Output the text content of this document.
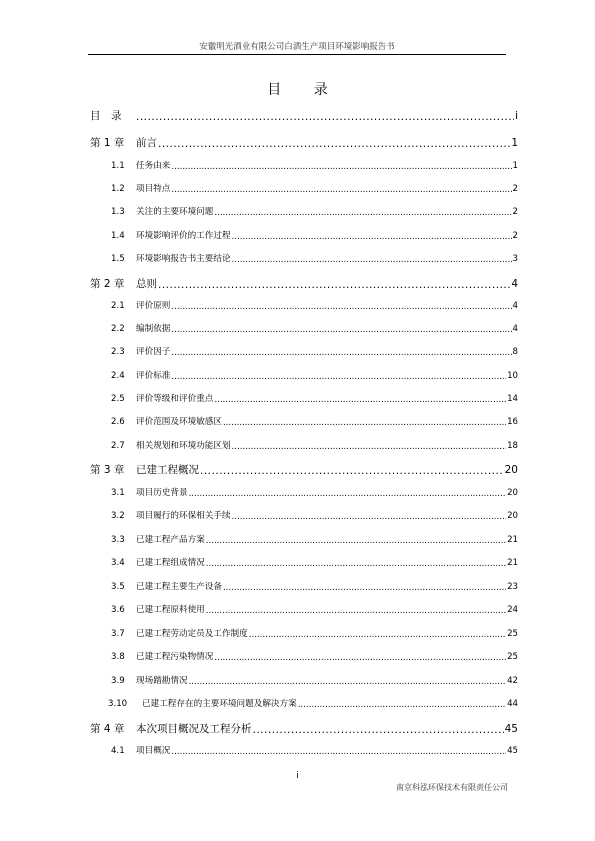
安徽明光酒业有限公司白酒生产项目环境影响报告书
目 录
目　录 .....	i
第 1 章	前言 .....	1
1.1	任务由来 .....	1
1.2	项目特点 .....	2
1.3	关注的主要环境问题 .....	2
1.4	环境影响评价的工作过程 .....	2
1.5	环境影响报告书主要结论 .....	3
第 2 章	总则 .....	4
2.1	评价原则 .....	4
2.2	编制依据 .....	4
2.3	评价因子 .....	8
2.4	评价标准 .....	10
2.5	评价等级和评价重点 .....	14
2.6	评价范围及环境敏感区 .....	16
2.7	相关规划和环境功能区划 .....	18
第 3 章	已建工程概况 .....	20
3.1	项目历史背景 .....	20
3.2	项目履行的环保相关手续 .....	20
3.3	已建工程产品方案 .....	21
3.4	已建工程组成情况 .....	21
3.5	已建工程主要生产设备 .....	23
3.6	已建工程原料使用 .....	24
3.7	已建工程劳动定员及工作制度 .....	25
3.8	已建工程污染物情况 .....	25
3.9	现场踏勘情况 .....	42
3.10	已建工程存在的主要环境问题及解决方案 .....	44
第 4 章	本次项目概况及工程分析 .....	45
4.1	项目概况 .....	45
i
南京科泓环保技术有限责任公司
